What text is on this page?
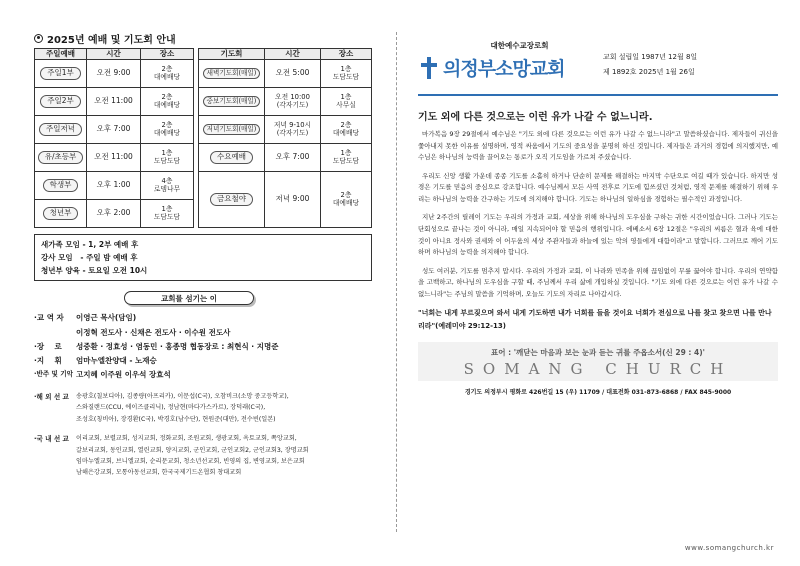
2025년 예배 및 기도회 안내
주일예배	시간	장소
주일1부	오전 9:00	2층
대예배당
주일2부	오전 11:00	2층
대예배당
주일저녁	오후 7:00	2층
대예배당
유/초등부	오전 11:00	1층
도담도담
학생부	오후 1:00	4층
로뎀나무
청년부	오후 2:00	1층
도담도담
기도회	시간	장소
새벽기도회(매일)	오전 5:00	1층
도담도담
중보기도회(매일)	오전 10:00
(각자기도)	1층
사무실
저녁기도회(매일)	저녁 9-10시
(각자기도)	2층
대예배당
수요예배	오후 7:00	1층
도담도담
금요철야	저녁 9:00	2층
대예배당
새가족 모임 - 1, 2부 예배 후
강사 모임   - 주일 밤 예배 후
청년부 양육 - 토요일 오전 10시
교회를 섬기는 이
·교 역 자	이영근 목사(담임)
이정혁 전도사 · 신채은 전도사 · 이수원 전도사
·장    로	성중환 · 정효성 · 염동민 · 홍종명 협동장로 : 최현식 · 지명준
·지    휘	엄마누엘찬양대 - 노재승
·반주 및 기악 고지혜 이주원 이우석 장효석
·해 외 선 교	송광호(칠보디아), 김종량(아프리카), 이문섭(C국), 오참비크(소망 중고등학교),
스와질랜드(CCU, 에이즈클리닉), 정남현(마다가스카르), 장덕래(C국),
조성호(칭비아), 장경환(C국), 박경호(남수단), 현원준(대만), 전수빈(일본)
·국 내 선 교	이리교회, 보렬교회, 성지교회, 정화교회, 조원교회, 생광교회, 옥토교회, 쪽앙교회,
갈보리교회, 동인교회, 열린교회, 양지교회, 군인교회, 군인교회2, 군인교회3, 장명교회
임마누엘교회, 브니엘교회, 순리문교회, 청소년선교회, 빈영의 집, 변영교회, 보은교회
남해은강교회, 모통아동선교회, 한국국제기드온협회 창대교회
대한예수교장로회
의정부소망교회
교회 설립일 1987년 12월 8일
제 1892호 2025년 1월 26일
기도 외에 다른 것으로는 이런 유가 나갈 수 없느니라.

마가복음 9장 29절에서 예수님은 "기도 외에 다른 것으로는 이런 유가 나갈 수 없느니라"고 말씀하셨습니다. 제자들이 귀신을 쫓아내지 못한 이유를 설명하며, 영적 싸움에서 기도의 중요성을 분명히 하신 것입니다. 제자들은 과거의 경험에 의지했지만, 예수님은 하나님의 능력을 끌어오는 통로가 오직 기도임을 가르쳐 주셨습니다.

우리도 신앙 생활 가운데 종종 기도를 소홀히 하거나 단순히 문제를 해결하는 마지막 수단으로 여길 때가 있습니다. 하지만 성경은 기도를 믿음의 중심으로 강조합니다. 예수님께서 모든 사역 전후로 기도에 힘쓰셨던 것처럼, 영적 문제를 해결하기 위해 우리는 하나님의 능력을 간구하는 기도에 의지해야 합니다. 기도는 하나님의 일하심을 경험하는 필수적인 과정입니다.

지난 2주간의 릴레이 기도는 우리의 가정과 교회, 세상을 위해 하나님의 도우심을 구하는 귀한 시간이었습니다. 그러나 기도는 단회성으로 끝나는 것이 아니라, 매일 지속되어야 할 믿음의 행위입니다. 에베소서 6장 12절은 "우리의 씨름은 혈과 육에 대한 것이 아니요 정사와 권세와 이 어두움의 세상 주관자들과 하늘에 있는 악의 영들에게 대함이라"고 말합니다. 그러므로 깨어 기도하며 하나님의 능력을 의지해야 합니다.

성도 여러분, 기도를 멈추지 맙시다. 우리의 가정과 교회, 이 나라와 민족을 위해 끊임없이 무릎 꿇어야 합니다. 우리의 연약함을 고백하고, 하나님의 도우심을 구할 때, 주님께서 우리 삶에 개입하실 것입니다. "기도 외에 다른 것으로는 이런 유가 나갈 수 없느니라"는 주님의 말씀을 기억하며, 오늘도 기도의 자리로 나아갑시다.

"너희는 내게 부르짖으며 와서 내게 기도하면 내가 너희를 들을 것이요 너희가 전심으로 나를 찾고 찾으면 나를 만나리라"(예레미야 29:12-13)
표어 : '깨닫는 마음과 보는 눈과 듣는 귀를 주옵소서(신 29 : 4)'
SOMANG CHURCH
경기도 의정부시 평화로 426번길 15 (우) 11709 / 대표전화 031-873-6868 / FAX 845-9000
www.somangchurch.kr
